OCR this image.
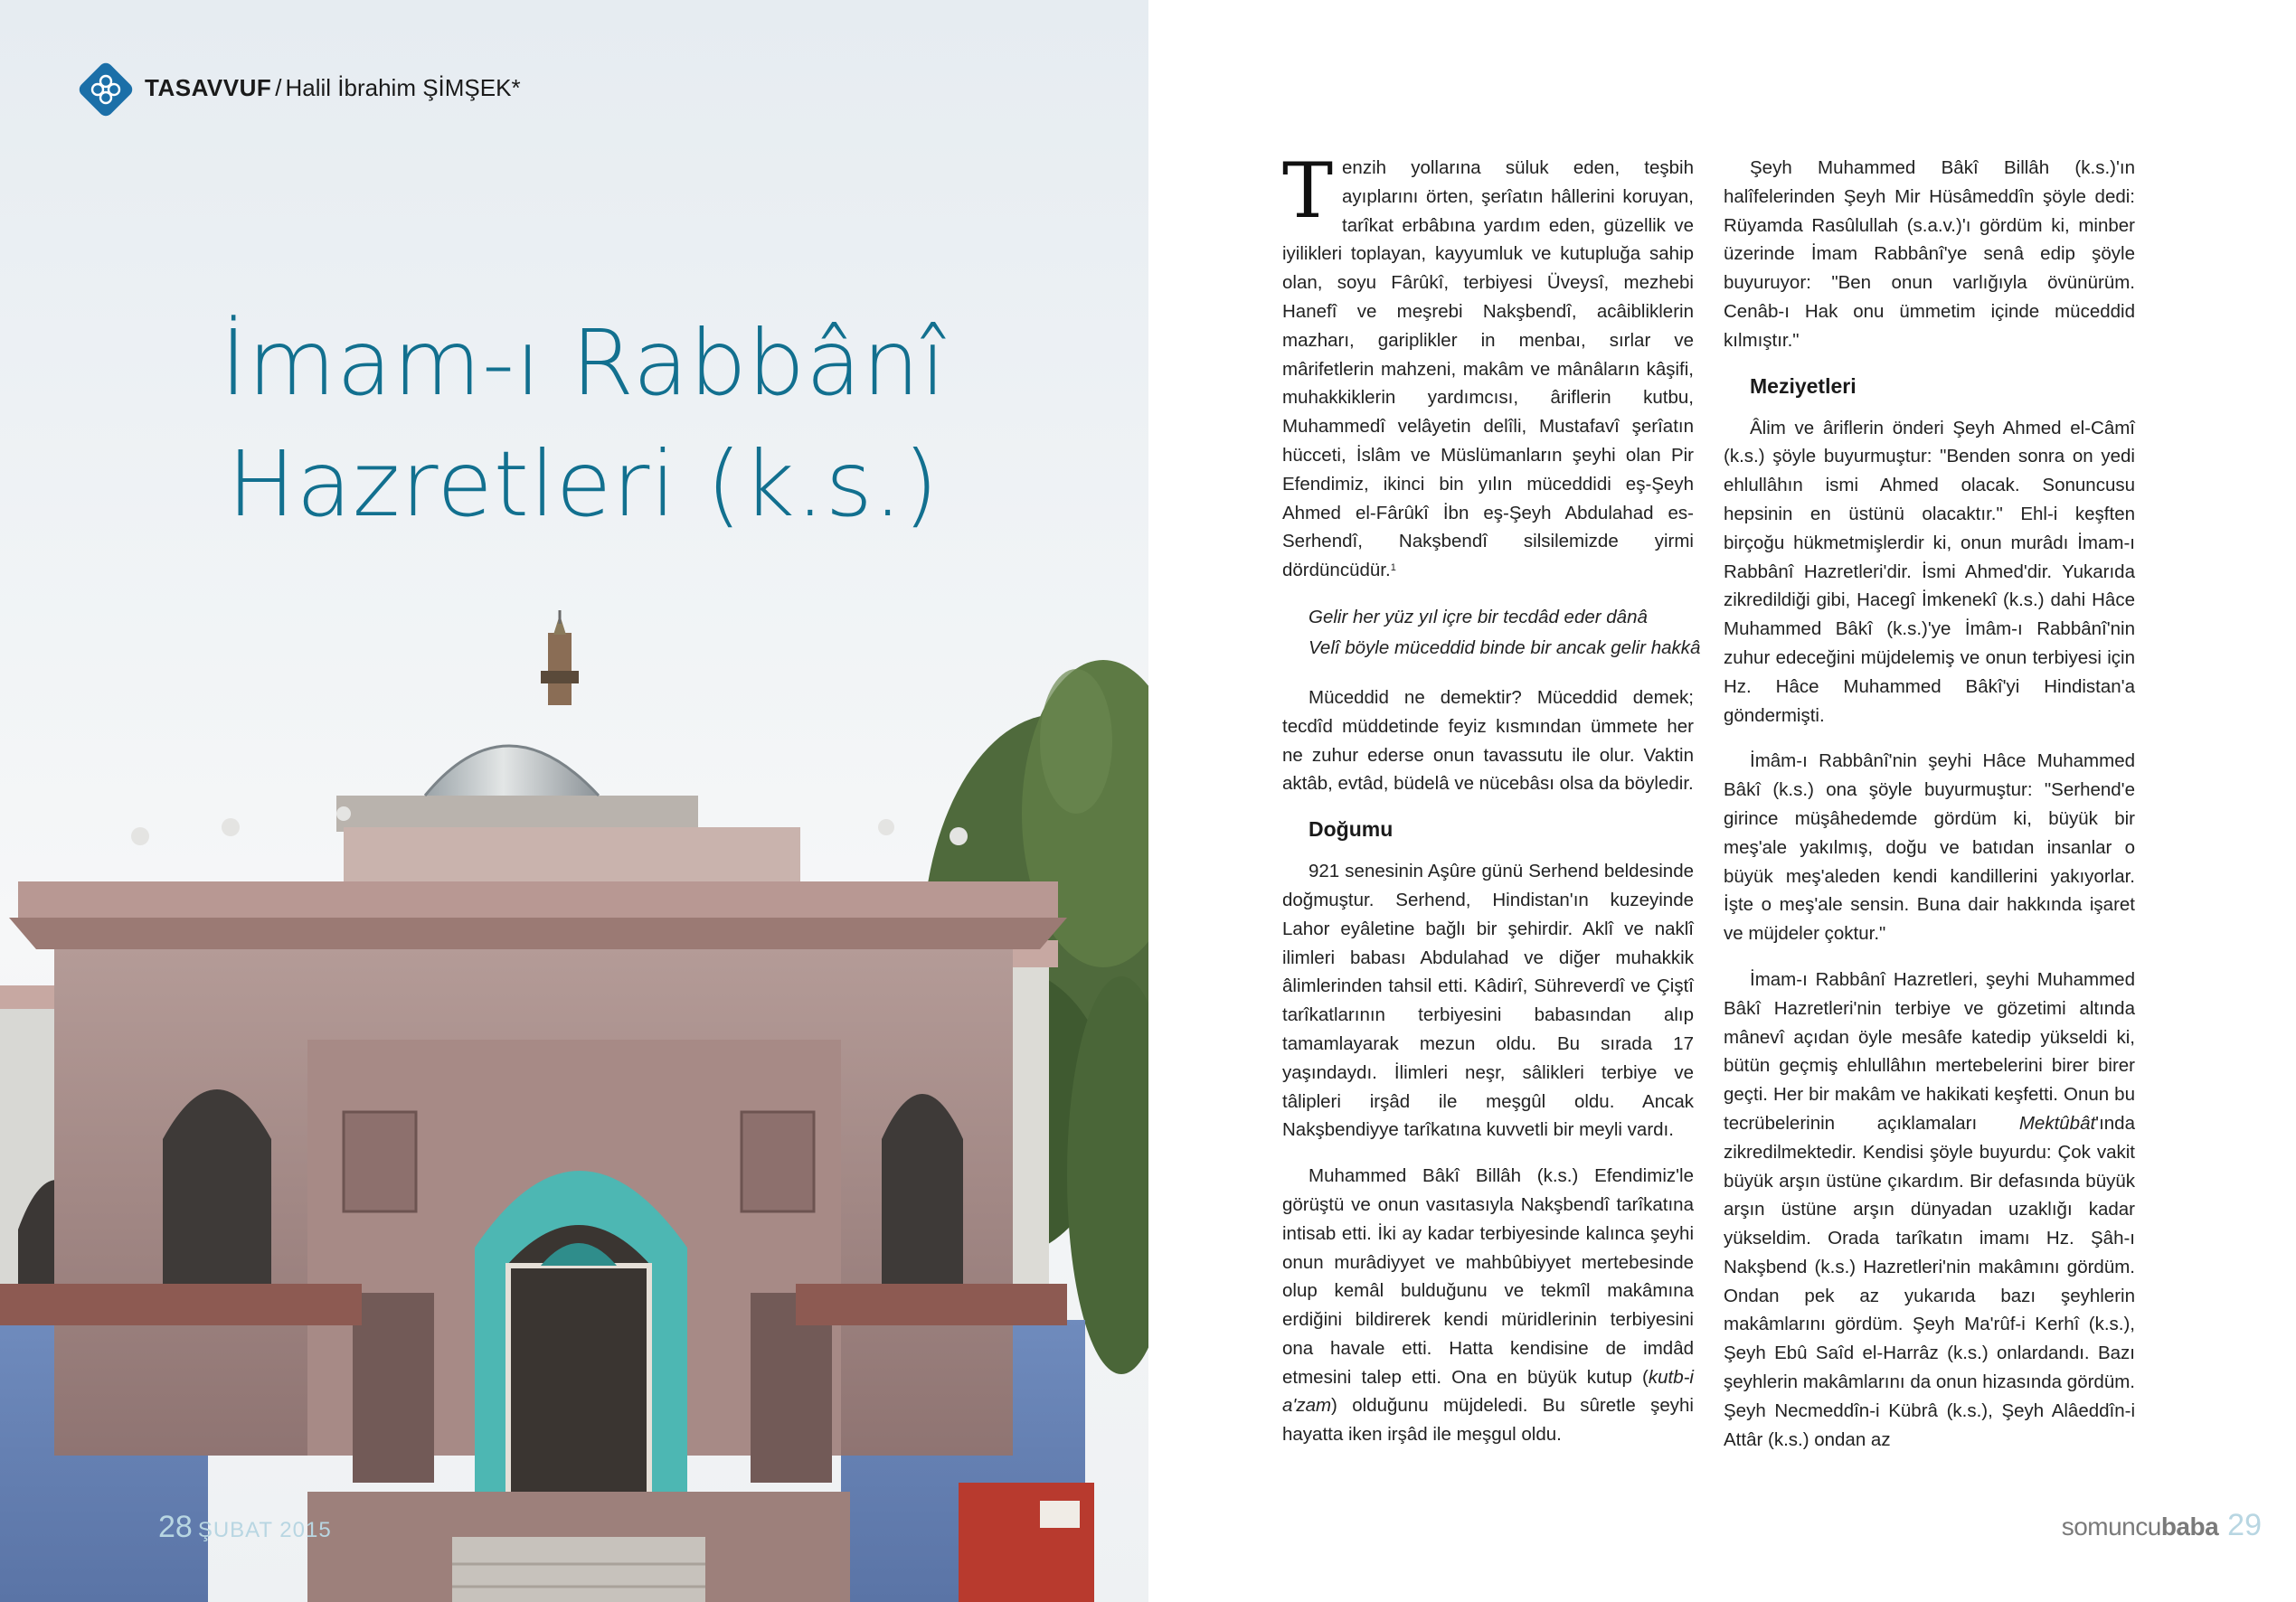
TASAVVUF / Halil İbrahim ŞİMŞEK*
İmam-ı Rabbânî
Hazretleri (k.s.)
28 ŞUBAT 2015

Tenzih yollarına süluk eden, teşbih ayıplarını örten, şerîatın hâllerini koruyan, tarîkat erbâbına yardım eden, güzellik ve iyilikleri toplayan, kayyumluk ve kutupluğa sahip olan, soyu Fârûkî, terbiyesi Üveysî, mezhebi Hanefî ve meşrebi Nakşbendî, acâibliklerin mazharı, gariplikler in menbaı, sırlar ve mârifetlerin mahzeni, makâm ve mânâların kâşifi, muhakkiklerin yardımcısı, âriflerin kutbu, Muhammedî velâyetin delîli, Mustafavî şerîatın hücceti, İslâm ve Müslümanların şeyhi olan Pir Efendimiz, ikinci bin yılın müceddidi eş-Şeyh Ahmed el-Fârûkî İbn eş-Şeyh Abdulahad es-Serhendî, Nakşbendî silsilemizde yirmi dördüncüdür.$^1$

Gelir her yüz yıl içre bir tecdâd eder dânâ
Velî böyle müceddid binde bir ancak gelir hakkâ

Müceddid ne demektir? Müceddid demek; tecdîd müddetinde feyiz kısmından ümmete her ne zuhur ederse onun tavassutu ile olur. Vaktin aktâb, evtâd, büdelâ ve nücebâsı olsa da böyledir.

Doğumu

921 senesinin Aşûre günü Serhend beldesinde doğmuştur. Serhend, Hindistan'ın kuzeyinde Lahor eyâletine bağlı bir şehirdir. Aklî ve naklî ilimleri babası Abdulahad ve diğer muhakkik âlimlerinden tahsil etti. Kâdirî, Sühreverdî ve Çiştî tarîkatlarının terbiyesini babasından alıp tamamlayarak mezun oldu. Bu sırada 17 yaşındaydı. İlimleri neşr, sâlikleri terbiye ve tâlipleri irşâd ile meşgûl oldu. Ancak Nakşbendiyye tarîkatına kuvvetli bir meyli vardı.

Muhammed Bâkî Billâh (k.s.) Efendimiz'le görüştü ve onun vasıtasıyla Nakşbendî tarîkatına intisab etti. İki ay kadar terbiyesinde kalınca şeyhi onun murâdiyyet ve mahbûbiyyet mertebesinde olup kemâl bulduğunu ve tekmîl makâmına erdiğini bildirerek kendi müridlerinin terbiyesini ona havale etti. Hatta kendisine de imdâd etmesini talep etti. Ona en büyük kutup (kutb-i a'zam) olduğunu müjdeledi. Bu sûretle şeyhi hayatta iken irşâd ile meşgul oldu.

Şeyh Muhammed Bâkî Billâh (k.s.)'ın halîfelerinden Şeyh Mir Hüsâmeddîn şöyle dedi: Rüyamda Rasûlullah (s.a.v.)'ı gördüm ki, minber üzerinde İmam Rabbânî'ye senâ edip şöyle buyuruyor: "Ben onun varlığıyla övünürüm. Cenâb-ı Hak onu ümmetim içinde müceddid kılmıştır."

Meziyetleri

Âlim ve âriflerin önderi Şeyh Ahmed el-Câmî (k.s.) şöyle buyurmuştur: "Benden sonra on yedi ehlullâhın ismi Ahmed olacak. Sonuncusu hepsinin en üstünü olacaktır." Ehl-i keşften birçoğu hükmetmişlerdir ki, onun murâdı İmam-ı Rabbânî Hazretleri'dir. İsmi Ahmed'dir. Yukarıda zikredildiği gibi, Hacegî İmkenekî (k.s.) dahi Hâce Muhammed Bâkî (k.s.)'ye İmâm-ı Rabbânî'nin zuhur edeceğini müjdelemiş ve onun terbiyesi için Hz. Hâce Muhammed Bâkî'yi Hindistan'a göndermişti.

İmâm-ı Rabbânî'nin şeyhi Hâce Muhammed Bâkî (k.s.) ona şöyle buyurmuştur: "Serhend'e girince müşâhedemde gördüm ki, büyük bir meş'ale yakılmış, doğu ve batıdan insanlar o büyük meş'aleden kendi kandillerini yakıyorlar. İşte o meş'ale sensin. Buna dair hakkında işaret ve müjdeler çoktur."

İmam-ı Rabbânî Hazretleri, şeyhi Muhammed Bâkî Hazretleri'nin terbiye ve gözetimi altında mânevî açıdan öyle mesâfe katedip yükseldi ki, bütün geçmiş ehlullâhın mertebelerini birer birer geçti. Her bir makâm ve hakikati keşfetti. Onun bu tecrübelerinin açıklamaları Mektûbât'ında zikredilmektedir. Kendisi şöyle buyurdu: Çok vakit büyük arşın üstüne çıkardım. Bir defasında büyük arşın üstüne arşın dünyadan uzaklığı kadar yükseldim. Orada tarîkatın imamı Hz. Şâh-ı Nakşbend (k.s.) Hazretleri'nin makâmını gördüm. Ondan pek az yukarıda bazı şeyhlerin makâmlarını gördüm. Şeyh Ma'rûf-i Kerhî (k.s.), Şeyh Ebû Saîd el-Harrâz (k.s.) onlardandı. Bazı şeyhlerin makâmlarını da onun hizasında gördüm. Şeyh Necmeddîn-i Kübrâ (k.s.), Şeyh Alâeddîn-i Attâr (k.s.) ondan az

somuncubaba 29
